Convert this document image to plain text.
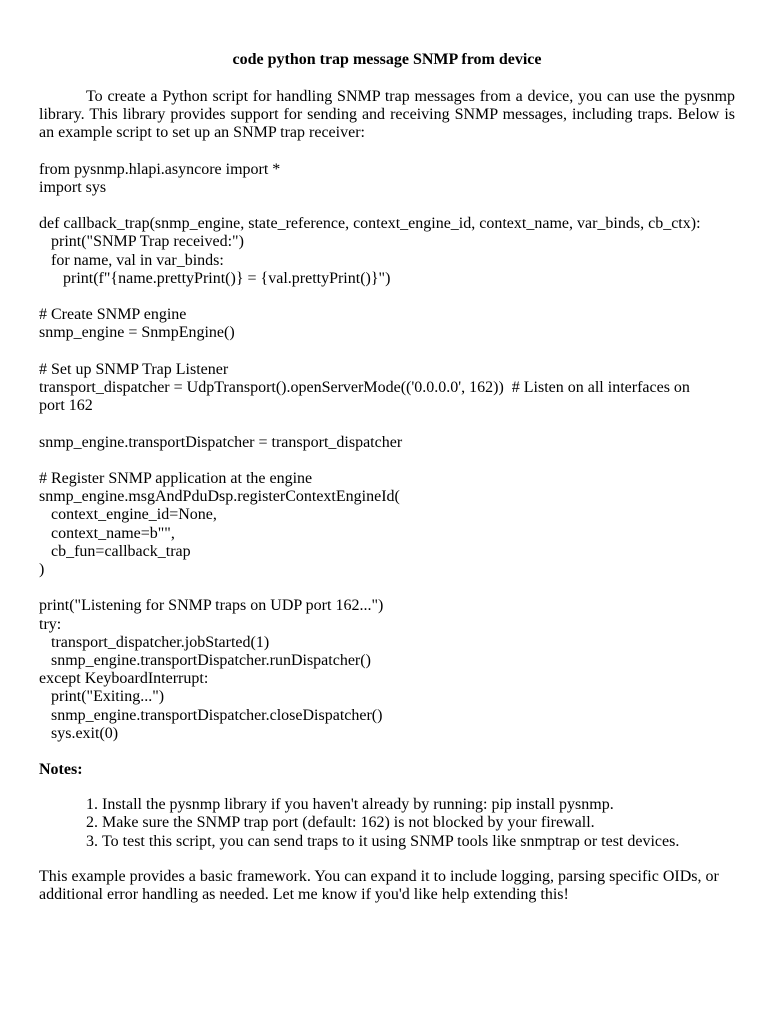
code python trap message SNMP from device

To create a Python script for handling SNMP trap messages from a device, you can use the pysnmp library. This library provides support for sending and receiving SNMP messages, including traps. Below is an example script to set up an SNMP trap receiver:

from pysnmp.hlapi.asyncore import *
import sys
def callback_trap(snmp_engine, state_reference, context_engine_id, context_name, var_binds, cb_ctx):
print("SNMP Trap received:")
for name, val in var_binds:
print(f"{name.prettyPrint()} = {val.prettyPrint()}")
# Create SNMP engine
snmp_engine = SnmpEngine()
# Set up SNMP Trap Listener
transport_dispatcher = UdpTransport().openServerMode(('0.0.0.0', 162))  # Listen on all interfaces on
port 162
snmp_engine.transportDispatcher = transport_dispatcher
# Register SNMP application at the engine
snmp_engine.msgAndPduDsp.registerContextEngineId(
context_engine_id=None,
context_name=b"",
cb_fun=callback_trap
)
print("Listening for SNMP traps on UDP port 162...")
try:
transport_dispatcher.jobStarted(1)
snmp_engine.transportDispatcher.runDispatcher()
except KeyboardInterrupt:
print("Exiting...")
snmp_engine.transportDispatcher.closeDispatcher()
sys.exit(0)
Notes:
1. Install the pysnmp library if you haven't already by running: pip install pysnmp.
2. Make sure the SNMP trap port (default: 162) is not blocked by your firewall.
3. To test this script, you can send traps to it using SNMP tools like snmptrap or test devices.

This example provides a basic framework. You can expand it to include logging, parsing specific OIDs, or additional error handling as needed. Let me know if you'd like help extending this!
